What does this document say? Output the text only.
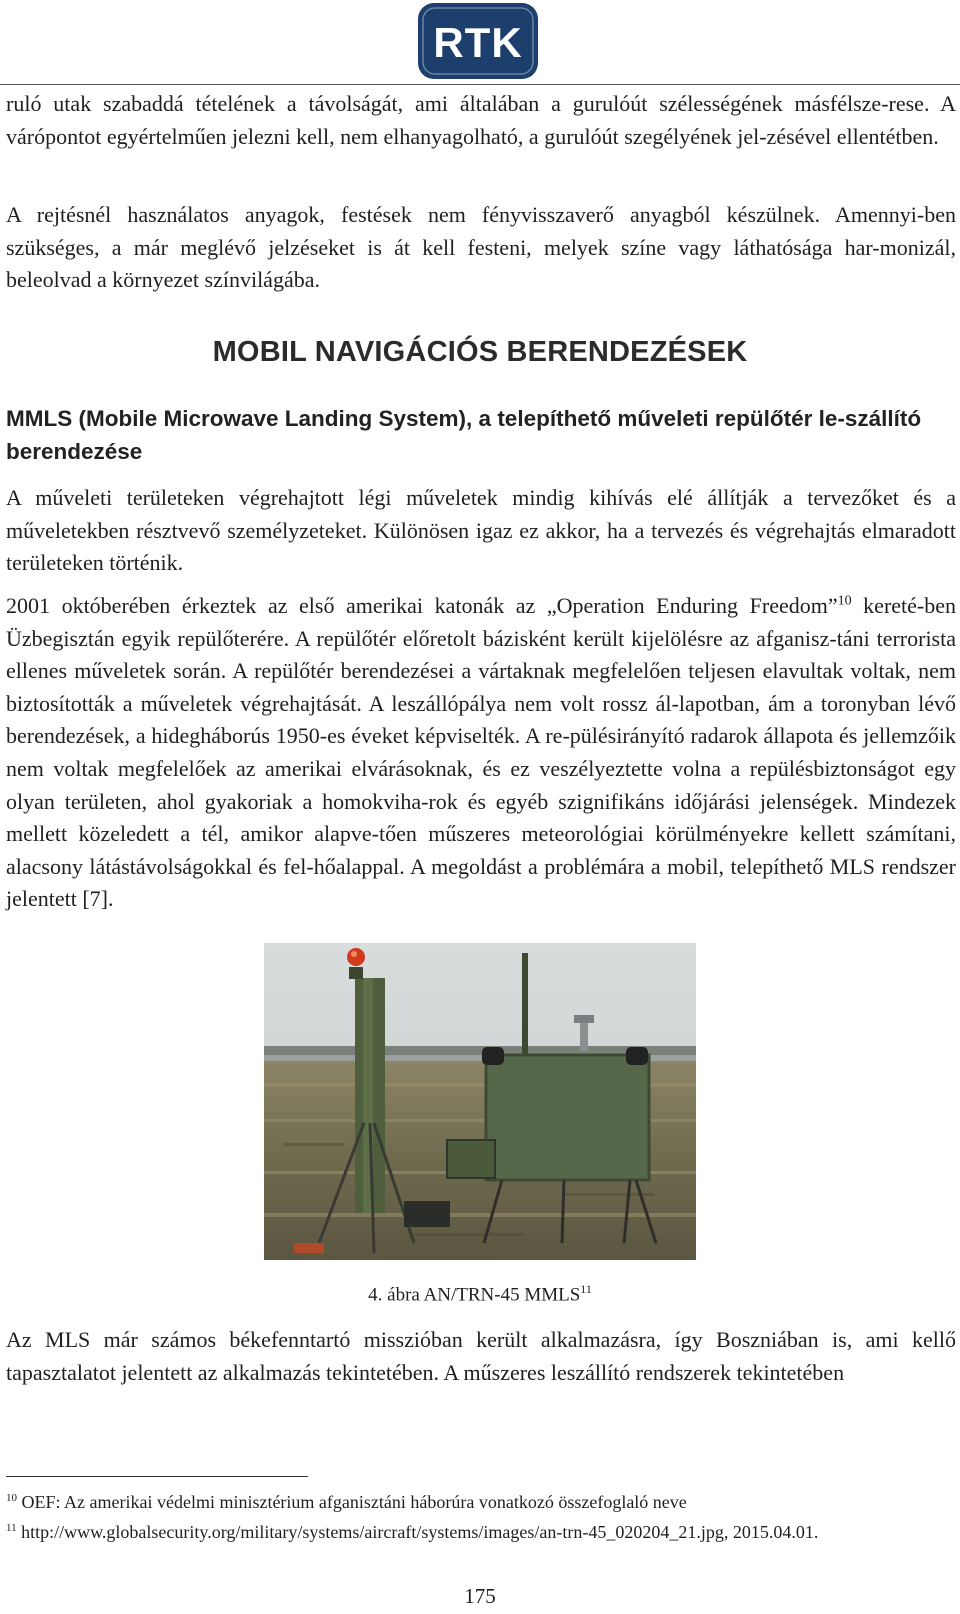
RTK

ruló utak szabaddá tételének a távolságát, ami általában a gurulóút szélességének másfélsze-rese. A várópontot egyértelműen jelezni kell, nem elhanyagolható, a gurulóút szegélyének jel-zésével ellentétben.

A rejtésnél használatos anyagok, festések nem fényvisszaverő anyagból készülnek. Amennyi-ben szükséges, a már meglévő jelzéseket is át kell festeni, melyek színe vagy láthatósága har-monizál, beleolvad a környezet színvilágába.

MOBIL NAVIGÁCIÓS BERENDEZÉSEK
MMLS (Mobile Microwave Landing System), a telepíthető műveleti repülőtér le-szállító berendezése

A műveleti területeken végrehajtott légi műveletek mindig kihívás elé állítják a tervezőket és a műveletekben résztvevő személyzeteket. Különösen igaz ez akkor, ha a tervezés és végrehajtás elmaradott területeken történik.

2001 októberében érkeztek az első amerikai katonák az „Operation Enduring Freedom”$^{10}$ kereté-ben Üzbegisztán egyik repülőterére. A repülőtér előretolt bázisként került kijelölésre az afganisz-táni terrorista ellenes műveletek során. A repülőtér berendezései a vártaknak megfelelően teljesen elavultak voltak, nem biztosították a műveletek végrehajtását. A leszállópálya nem volt rossz ál-lapotban, ám a toronyban lévő berendezések, a hidegháborús 1950-es éveket képviselték. A re-pülésirányító radarok állapota és jellemzőik nem voltak megfelelőek az amerikai elvárásoknak, és ez veszélyeztette volna a repülésbiztonságot egy olyan területen, ahol gyakoriak a homokviha-rok és egyéb szignifikáns időjárási jelenségek. Mindezek mellett közeledett a tél, amikor alapve-tően műszeres meteorológiai körülményekre kellett számítani, alacsony látástávolságokkal és fel-hőalappal. A megoldást a problémára a mobil, telepíthető MLS rendszer jelentett [7].

4. ábra AN/TRN-45 MMLS$^{11}$

Az MLS már számos békefenntartó misszióban került alkalmazásra, így Boszniában is, ami kellő tapasztalatot jelentett az alkalmazás tekintetében. A műszeres leszállító rendszerek tekintetében

$^{10}$ OEF: Az amerikai védelmi minisztérium afganisztáni háborúra vonatkozó összefoglaló neve

$^{11}$ http://www.globalsecurity.org/military/systems/aircraft/systems/images/an-trn-45_020204_21.jpg, 2015.04.01.

175
